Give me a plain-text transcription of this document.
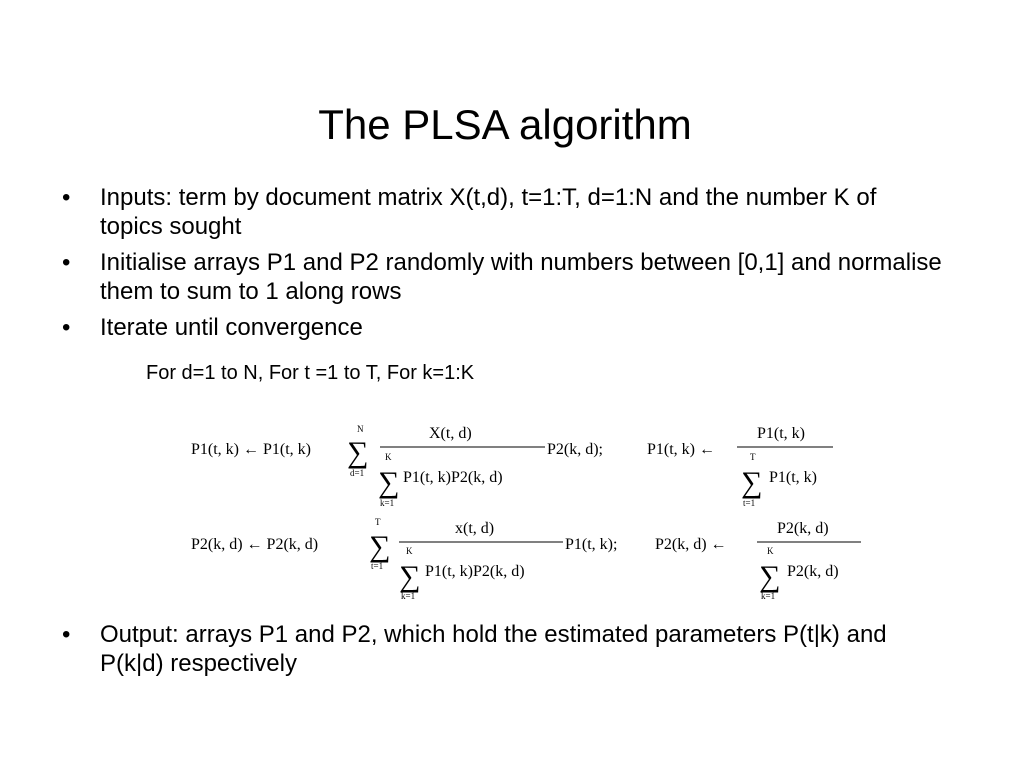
The PLSA algorithm
• Inputs: term by document matrix X(t,d), t=1:T, d=1:N and the number K of topics sought
• Initialise arrays P1 and P2 randomly with numbers between [0,1] and normalise them to sum to 1 along rows
• Iterate until convergence
For d=1 to N, For t =1 to T, For k=1:K
P1(t, k) ← P1(t, k)
N
∑
d=1
X(t, d)
K
∑
k=1
P1(t, k)P2(k, d)
P2(k, d);	P1(t, k) ←
P1(t, k)
T
∑
t=1
P1(t, k)
P2(k, d) ← P2(k, d)
T
∑
t=1
x(t, d)
K
∑
k=1
P1(t, k)P2(k, d)
P1(t, k); P2(k, d) ←
P2(k, d)
K
∑
k=1
P2(k, d)
• Output: arrays P1 and P2, which hold the estimated parameters P(t|k) and P(k|d) respectively
